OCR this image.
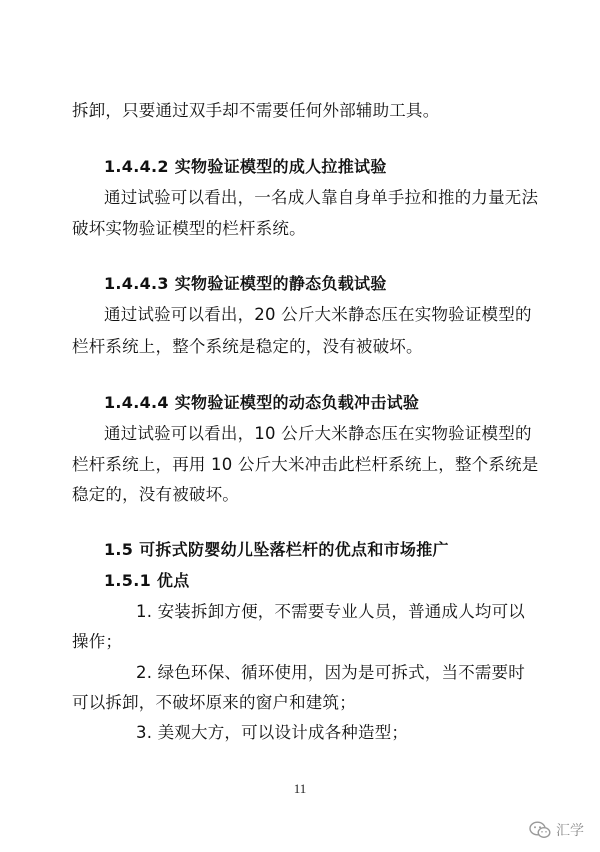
拆卸，只要通过双手却不需要任何外部辅助工具。
1.4.4.2 实物验证模型的成人拉推试验
通过试验可以看出，一名成人靠自身单手拉和推的力量无法
破坏实物验证模型的栏杆系统。
1.4.4.3 实物验证模型的静态负载试验
通过试验可以看出，20 公斤大米静态压在实物验证模型的
栏杆系统上，整个系统是稳定的，没有被破坏。
1.4.4.4 实物验证模型的动态负载冲击试验
通过试验可以看出，10 公斤大米静态压在实物验证模型的
栏杆系统上，再用 10 公斤大米冲击此栏杆系统上，整个系统是
稳定的，没有被破坏。
1.5 可拆式防婴幼儿坠落栏杆的优点和市场推广
1.5.1 优点
1. 安装拆卸方便，不需要专业人员，普通成人均可以
操作；
2. 绿色环保、循环使用，因为是可拆式，当不需要时
可以拆卸，不破坏原来的窗户和建筑；
3. 美观大方，可以设计成各种造型；
11
汇学
